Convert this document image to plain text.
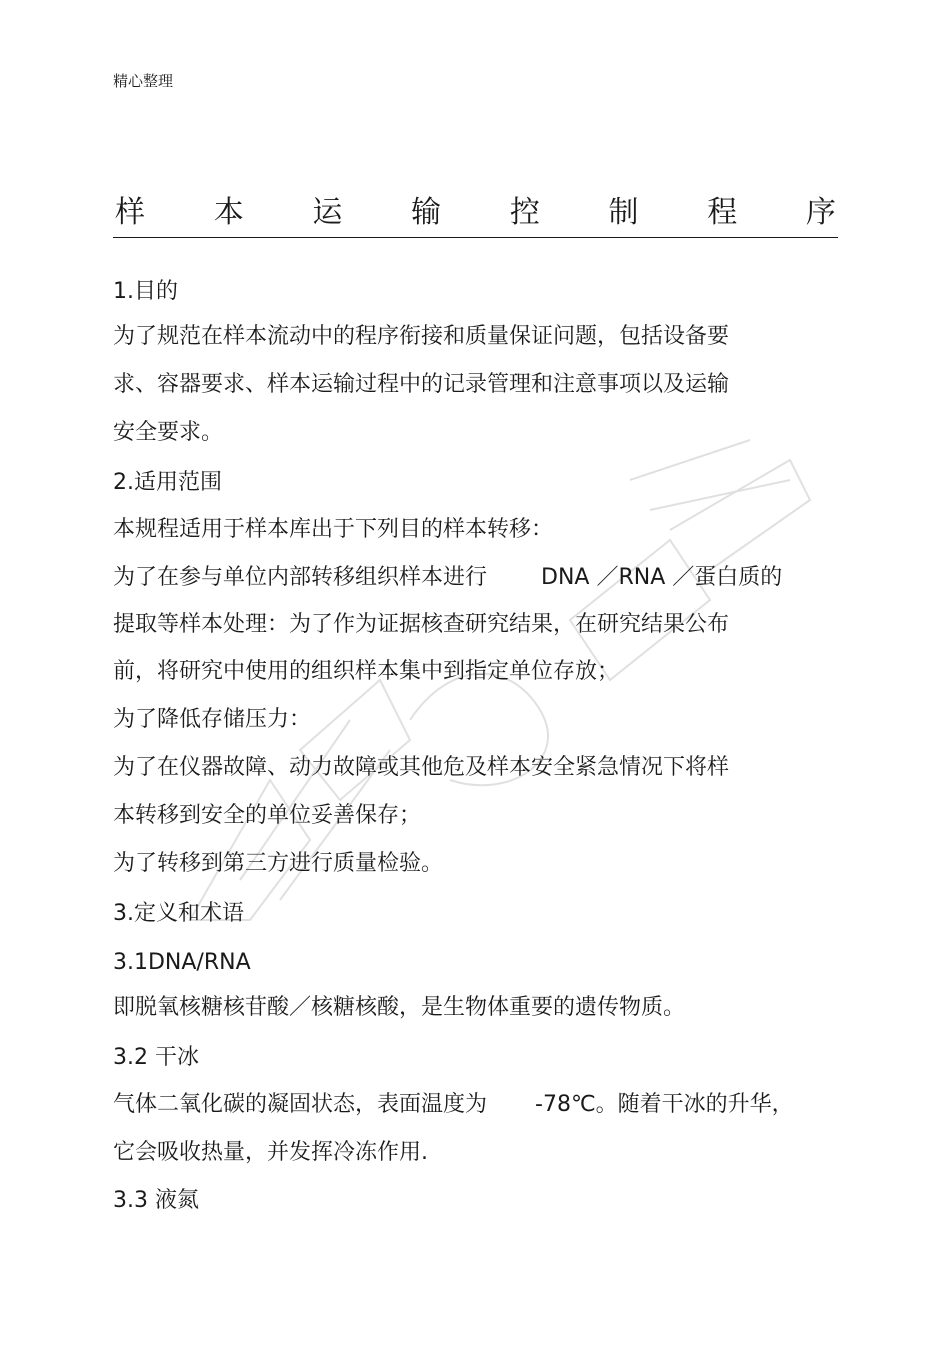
精心整理
样 本 运 输 控 制 程 序
1.目的
为了规范在样本流动中的程序衔接和质量保证问题，包括设备要
求、容器要求、样本运输过程中的记录管理和注意事项以及运输
安全要求。
2.适用范围
本规程适用于样本库出于下列目的样本转移：
为了在参与单位内部转移组织样本进行 DNA ／RNA ／蛋白质的
提取等样本处理：为了作为证据核查研究结果，在研究结果公布
前，将研究中使用的组织样本集中到指定单位存放；
为了降低存储压力：
为了在仪器故障、动力故障或其他危及样本安全紧急情况下将样
本转移到安全的单位妥善保存；
为了转移到第三方进行质量检验。
3.定义和术语
3.1DNA/RNA
即脱氧核糖核苷酸／核糖核酸，是生物体重要的遗传物质。
3.2 干冰
气体二氧化碳的凝固状态，表面温度为 -78℃。随着干冰的升华，
它会吸收热量，并发挥冷冻作用.
3.3 液氮
